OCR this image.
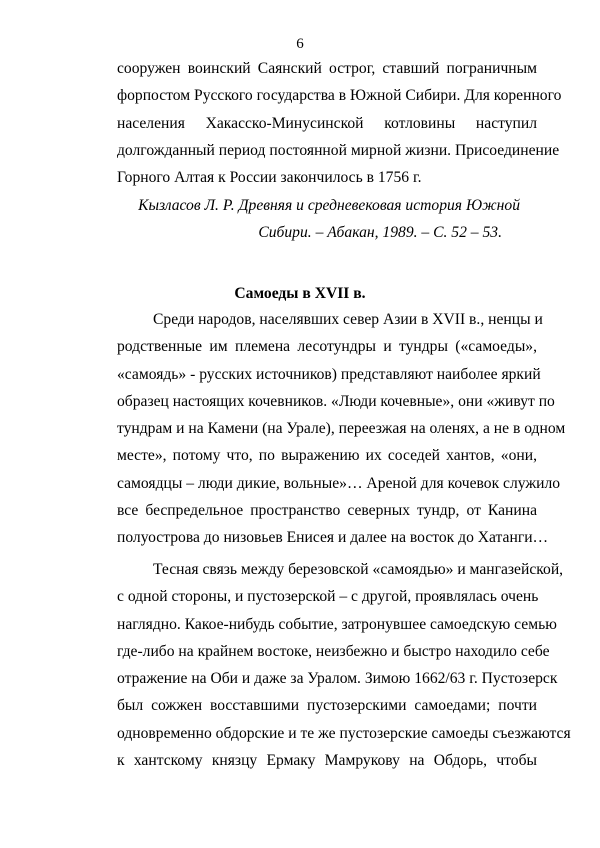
6
сооружен воинский Саянский острог, ставший пограничным
форпостом Русского государства в Южной Сибири. Для коренного
населения Хакасско-Минусинской котловины наступил
долгожданный период постоянной мирной жизни. Присоединение
Горного Алтая к России закончилось в 1756 г.
Кызласов Л. Р. Древняя и средневековая история Южной
Сибири. – Абакан, 1989. – С. 52 – 53.
Самоеды в XVII в.
Среди народов, населявших север Азии в XVII в., ненцы и
родственные им племена лесотундры и тундры («самоеды»,
«самоядь» - русских источников) представляют наиболее яркий
образец настоящих кочевников. «Люди кочевные», они «живут по
тундрам и на Камени (на Урале), переезжая на оленях, а не в одном
месте», потому что, по выражению их соседей хантов, «они,
самоядцы – люди дикие, вольные»… Ареной для кочевок служило
все беспредельное пространство северных тундр, от Канина
полуострова до низовьев Енисея и далее на восток до Хатанги…
Тесная связь между березовской «самоядью» и мангазейской,
с одной стороны, и пустозерской – с другой, проявлялась очень
наглядно. Какое-нибудь событие, затронувшее самоедскую семью
где-либо на крайнем востоке, неизбежно и быстро находило себе
отражение на Оби и даже за Уралом. Зимою 1662/63 г. Пустозерск
был сожжен восставшими пустозерскими самоедами; почти
одновременно обдорские и те же пустозерские самоеды съезжаются
к хантскому князцу Ермаку Мамрукову на Обдорь, чтобы
